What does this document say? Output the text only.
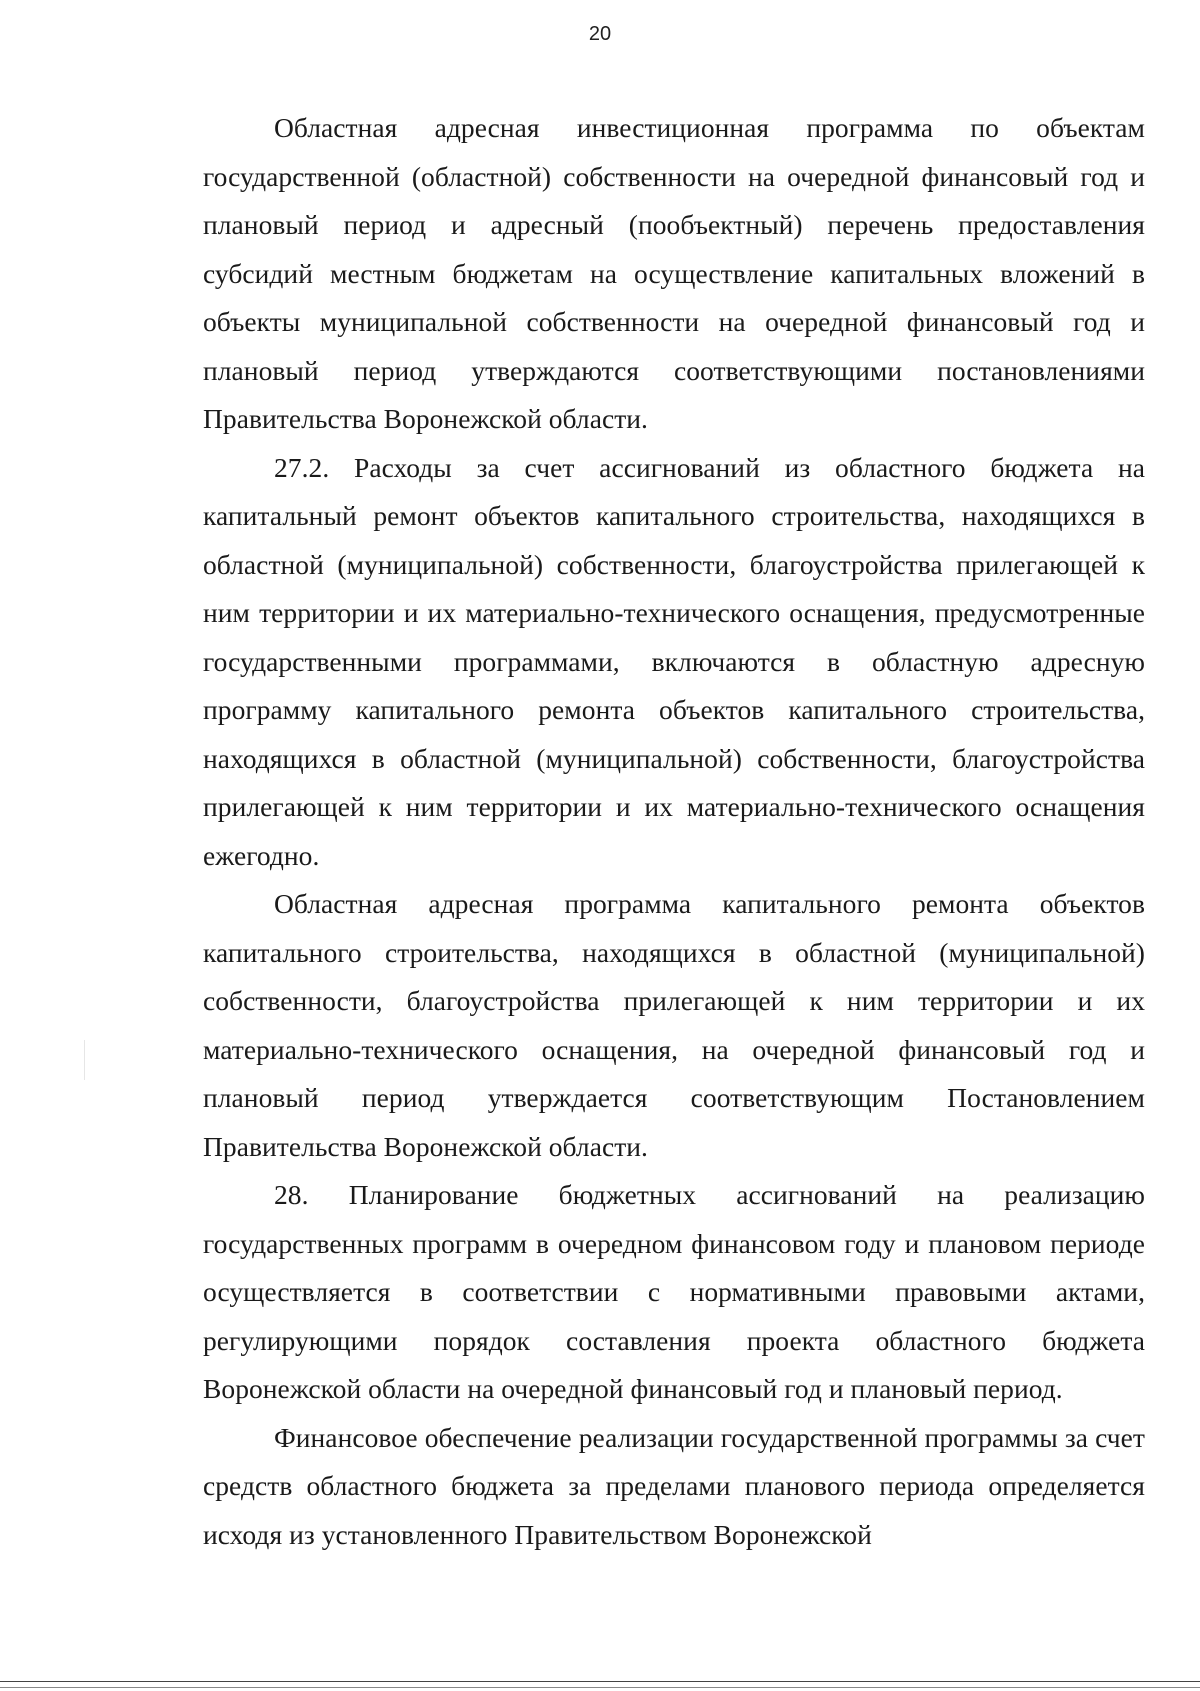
20

Областная адресная инвестиционная программа по объектам государственной (областной) собственности на очередной финансовый год и плановый период и адресный (пообъектный) перечень предоставления субсидий местным бюджетам на осуществление капитальных вложений в объекты муниципальной собственности на очередной финансовый год и плановый период утверждаются соответствующими постановлениями Правительства Воронежской области.

27.2. Расходы за счет ассигнований из областного бюджета на капитальный ремонт объектов капитального строительства, находящихся в областной (муниципальной) собственности, благоустройства прилегающей к ним территории и их материально-технического оснащения, предусмотренные государственными программами, включаются в областную адресную программу капитального ремонта объектов капитального строительства, находящихся в областной (муниципальной) собственности, благоустройства прилегающей к ним территории и их материально-технического оснащения ежегодно.

Областная адресная программа капитального ремонта объектов капитального строительства, находящихся в областной (муниципальной) собственности, благоустройства прилегающей к ним территории и их материально-технического оснащения, на очередной финансовый год и плановый период утверждается соответствующим Постановлением Правительства Воронежской области.

28. Планирование бюджетных ассигнований на реализацию государственных программ в очередном финансовом году и плановом периоде осуществляется в соответствии с нормативными правовыми актами, регулирующими порядок составления проекта областного бюджета Воронежской области на очередной финансовый год и плановый период.

Финансовое обеспечение реализации государственной программы за счет средств областного бюджета за пределами планового периода определяется исходя из установленного Правительством Воронежской
